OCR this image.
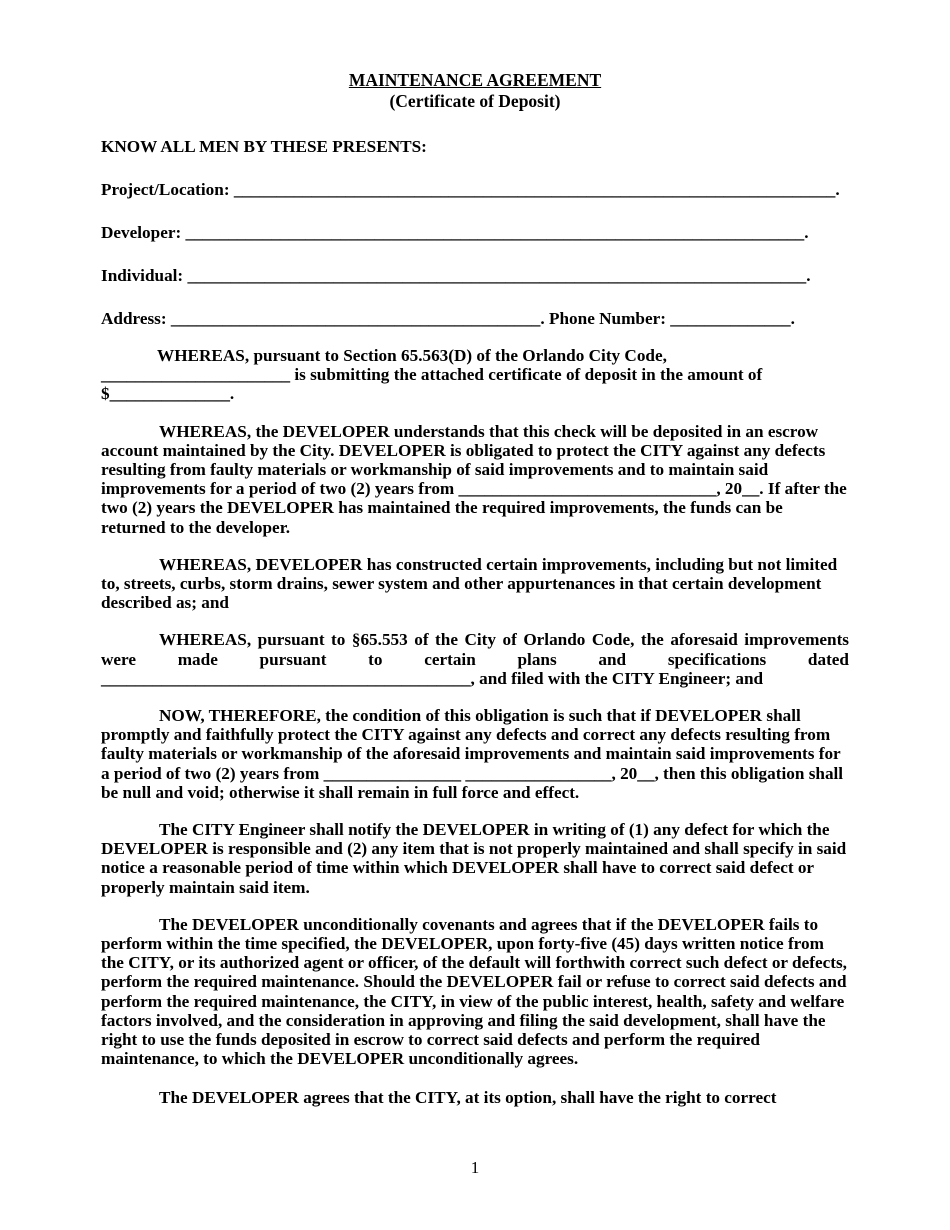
MAINTENANCE AGREEMENT

(Certificate of Deposit)

KNOW ALL MEN BY THESE PRESENTS:

Project/Location: ______________________________________________________________________.

Developer: ________________________________________________________________________.

Individual: ________________________________________________________________________.

Address: ___________________________________________. Phone Number: ______________.

WHEREAS, pursuant to Section 65.563(D) of the Orlando City Code, ______________________ is submitting the attached certificate of deposit in the amount of $______________.

WHEREAS, the DEVELOPER understands that this check will be deposited in an escrow account maintained by the City. DEVELOPER is obligated to protect the CITY against any defects resulting from faulty materials or workmanship of said improvements and to maintain said improvements for a period of two (2) years from ______________________________, 20__. If after the two (2) years the DEVELOPER has maintained the required improvements, the funds can be returned to the developer.

WHEREAS, DEVELOPER has constructed certain improvements, including but not limited to, streets, curbs, storm drains, sewer system and other appurtenances in that certain development described as; and

WHEREAS, pursuant to §65.553 of the City of Orlando Code, the aforesaid improvements were made pursuant to certain plans and specifications dated ___________________________________________, and filed with the CITY Engineer; and

NOW, THEREFORE, the condition of this obligation is such that if DEVELOPER shall promptly and faithfully protect the CITY against any defects and correct any defects resulting from faulty materials or workmanship of the aforesaid improvements and maintain said improvements for a period of two (2) years from ________________ _________________, 20__, then this obligation shall be null and void; otherwise it shall remain in full force and effect.

The CITY Engineer shall notify the DEVELOPER in writing of (1) any defect for which the DEVELOPER is responsible and (2) any item that is not properly maintained and shall specify in said notice a reasonable period of time within which DEVELOPER shall have to correct said defect or properly maintain said item.

The DEVELOPER unconditionally covenants and agrees that if the DEVELOPER fails to perform within the time specified, the DEVELOPER, upon forty-five (45) days written notice from the CITY, or its authorized agent or officer, of the default will forthwith correct such defect or defects, perform the required maintenance. Should the DEVELOPER fail or refuse to correct said defects and perform the required maintenance, the CITY, in view of the public interest, health, safety and welfare factors involved, and the consideration in approving and filing the said development, shall have the right to use the funds deposited in escrow to correct said defects and perform the required maintenance, to which the DEVELOPER unconditionally agrees.

The DEVELOPER agrees that the CITY, at its option, shall have the right to correct

1
